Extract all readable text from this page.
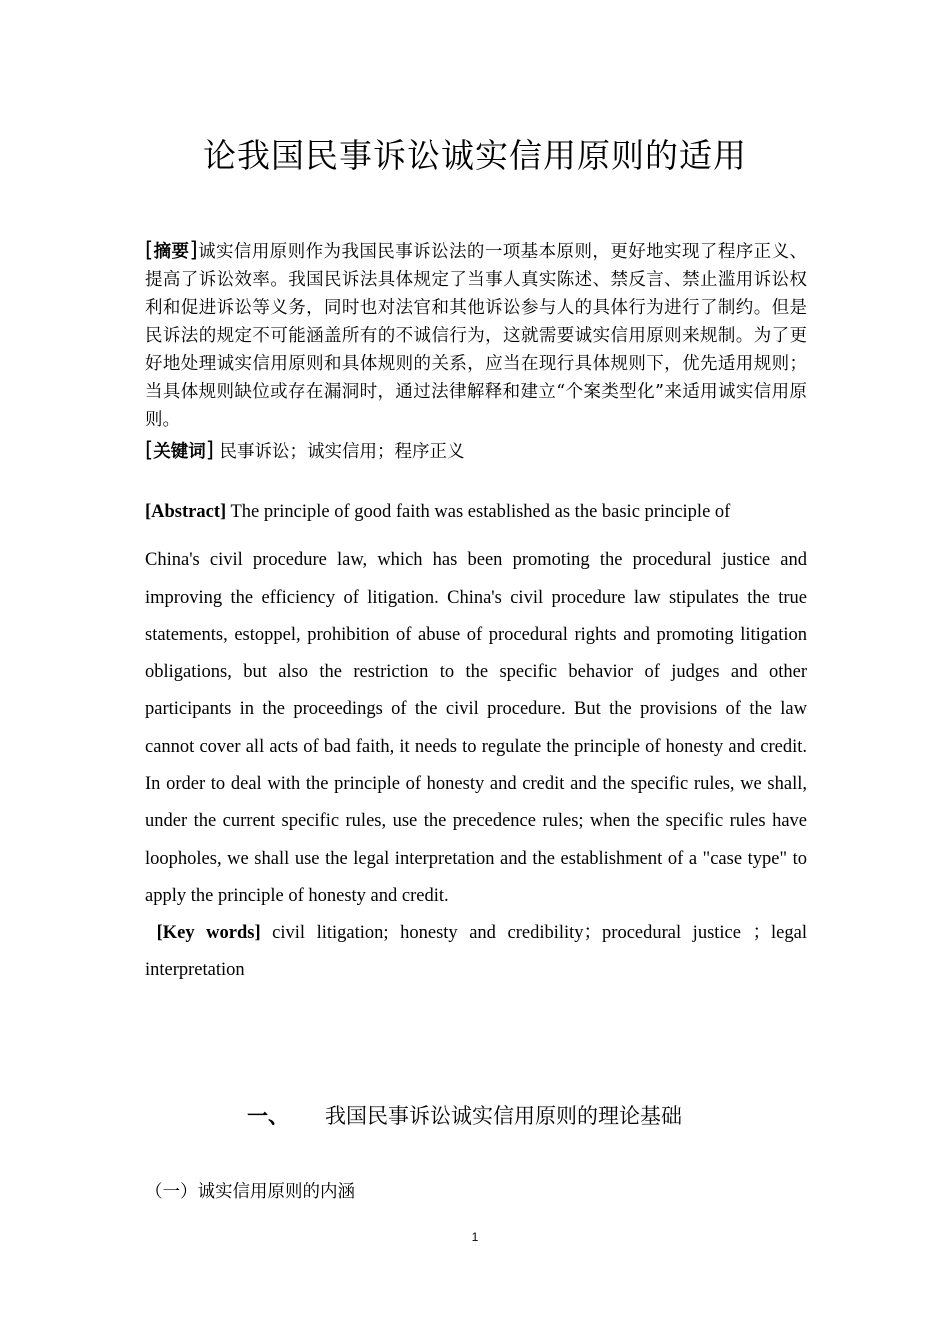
论我国民事诉讼诚实信用原则的适用
[摘要]诚实信用原则作为我国民事诉讼法的一项基本原则，更好地实现了程序正义、提高了诉讼效率。我国民诉法具体规定了当事人真实陈述、禁反言、禁止滥用诉讼权利和促进诉讼等义务，同时也对法官和其他诉讼参与人的具体行为进行了制约。但是民诉法的规定不可能涵盖所有的不诚信行为，这就需要诚实信用原则来规制。为了更好地处理诚实信用原则和具体规则的关系，应当在现行具体规则下，优先适用规则；当具体规则缺位或存在漏洞时，通过法律解释和建立“个案类型化”来适用诚实信用原则。
[关键词] 民事诉讼；诚实信用；程序正义
[Abstract] The principle of good faith was established as the basic principle of
China's civil procedure law, which has been promoting the procedural justice and improving the efficiency of litigation. China's civil procedure law stipulates the true statements, estoppel, prohibition of abuse of procedural rights and promoting litigation obligations, but also the restriction to the specific behavior of judges and other participants in the proceedings of the civil procedure. But the provisions of the law cannot cover all acts of bad faith, it needs to regulate the principle of honesty and credit. In order to deal with the principle of honesty and credit and the specific rules, we shall, under the current specific rules, use the precedence rules; when the specific rules have loopholes, we shall use the legal interpretation and the establishment of a "case type" to apply the principle of honesty and credit.
[Key words] civil litigation; honesty and credibility；procedural justice ；legal interpretation
一、 我国民事诉讼诚实信用原则的理论基础
（一）诚实信用原则的内涵
1
